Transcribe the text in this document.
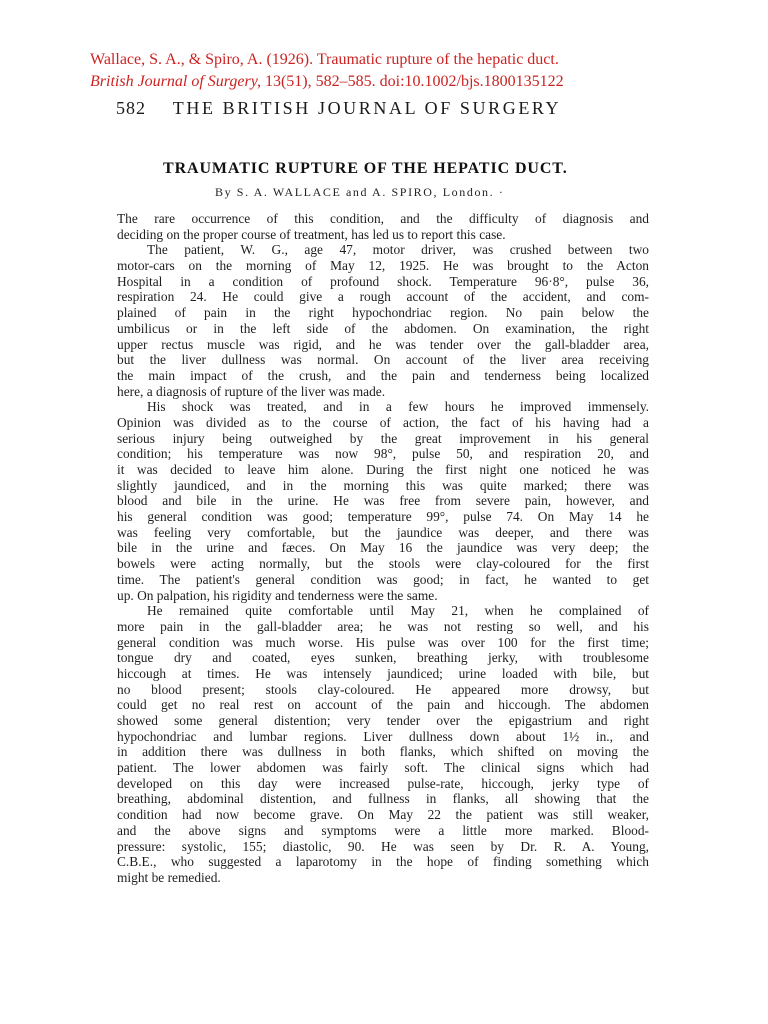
Wallace, S. A., & Spiro, A. (1926). Traumatic rupture of the hepatic duct.
British Journal of Surgery, 13(51), 582–585. doi:10.1002/bjs.1800135122
582 THE BRITISH JOURNAL OF SURGERY
TRAUMATIC RUPTURE OF THE HEPATIC DUCT.
By S. A. WALLACE and A. SPIRO, London. ·
The rare occurrence of this condition, and the difficulty of diagnosis and
deciding on the proper course of treatment, has led us to report this case.
The patient, W. G., age 47, motor driver, was crushed between two
motor-cars on the morning of May 12, 1925. He was brought to the Acton
Hospital in a condition of profound shock. Temperature 96·8°, pulse 36,
respiration 24. He could give a rough account of the accident, and com-
plained of pain in the right hypochondriac region. No pain below the
umbilicus or in the left side of the abdomen. On examination, the right
upper rectus muscle was rigid, and he was tender over the gall-bladder area,
but the liver dullness was normal. On account of the liver area receiving
the main impact of the crush, and the pain and tenderness being localized
here, a diagnosis of rupture of the liver was made.
His shock was treated, and in a few hours he improved immensely.
Opinion was divided as to the course of action, the fact of his having had a
serious injury being outweighed by the great improvement in his general
condition; his temperature was now 98°, pulse 50, and respiration 20, and
it was decided to leave him alone. During the first night one noticed he was
slightly jaundiced, and in the morning this was quite marked; there was
blood and bile in the urine. He was free from severe pain, however, and
his general condition was good; temperature 99°, pulse 74. On May 14 he
was feeling very comfortable, but the jaundice was deeper, and there was
bile in the urine and fæces. On May 16 the jaundice was very deep; the
bowels were acting normally, but the stools were clay-coloured for the first
time. The patient's general condition was good; in fact, he wanted to get
up. On palpation, his rigidity and tenderness were the same.
He remained quite comfortable until May 21, when he complained of
more pain in the gall-bladder area; he was not resting so well, and his
general condition was much worse. His pulse was over 100 for the first time;
tongue dry and coated, eyes sunken, breathing jerky, with troublesome
hiccough at times. He was intensely jaundiced; urine loaded with bile, but
no blood present; stools clay-coloured. He appeared more drowsy, but
could get no real rest on account of the pain and hiccough. The abdomen
showed some general distention; very tender over the epigastrium and right
hypochondriac and lumbar regions. Liver dullness down about 1½ in., and
in addition there was dullness in both flanks, which shifted on moving the
patient. The lower abdomen was fairly soft. The clinical signs which had
developed on this day were increased pulse-rate, hiccough, jerky type of
breathing, abdominal distention, and fullness in flanks, all showing that the
condition had now become grave. On May 22 the patient was still weaker,
and the above signs and symptoms were a little more marked. Blood-
pressure: systolic, 155; diastolic, 90. He was seen by Dr. R. A. Young,
C.B.E., who suggested a laparotomy in the hope of finding something which
might be remedied.
